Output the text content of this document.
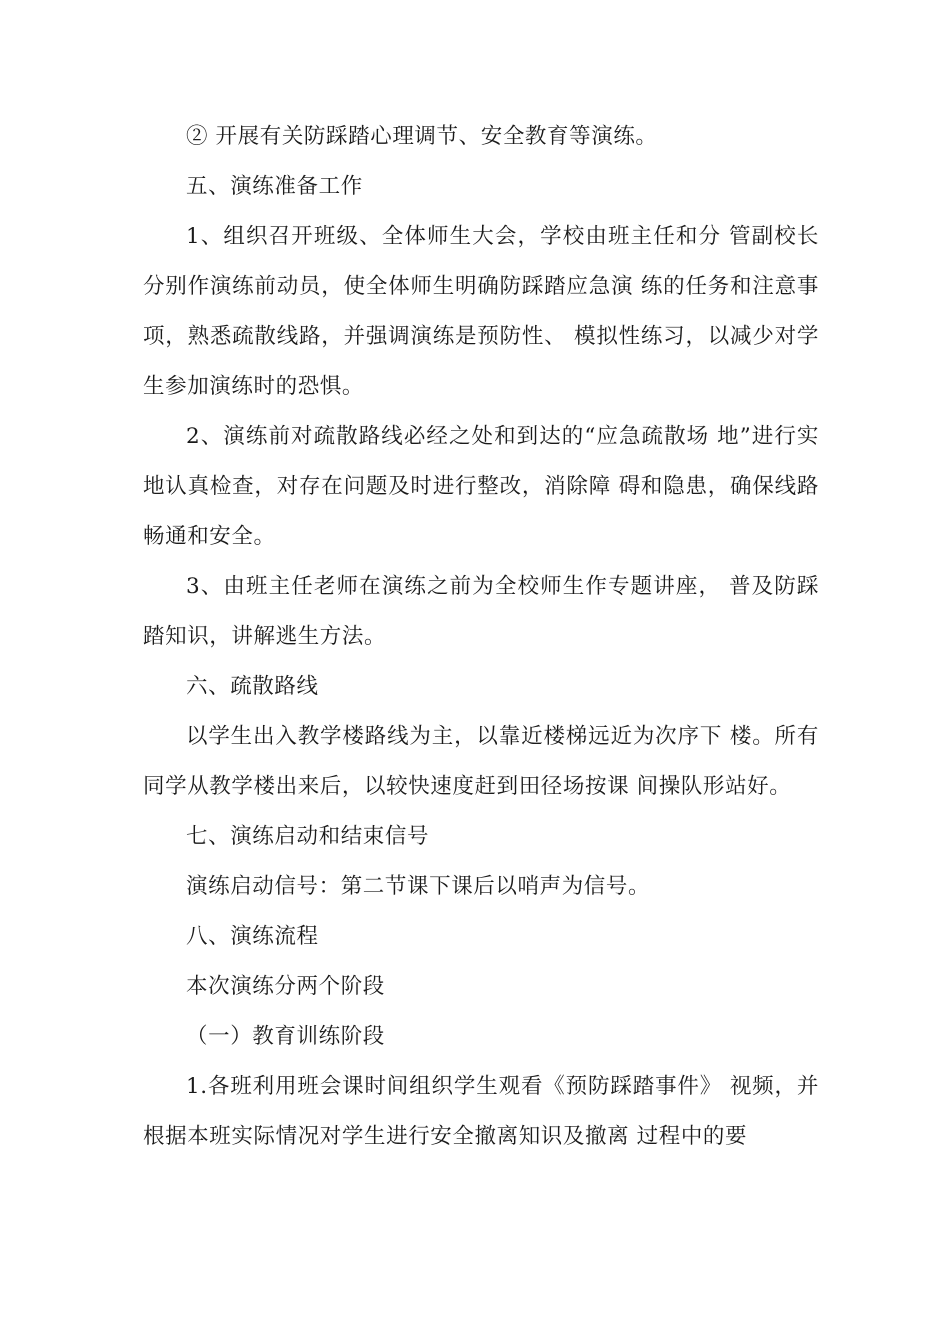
② 开展有关防踩踏心理调节、安全教育等演练。

五、演练准备工作

1、组织召开班级、全体师生大会，学校由班主任和分 管副校长分别作演练前动员，使全体师生明确防踩踏应急演 练的任务和注意事项，熟悉疏散线路，并强调演练是预防性、 模拟性练习，以减少对学生参加演练时的恐惧。

2、演练前对疏散路线必经之处和到达的“应急疏散场 地”进行实地认真检查，对存在问题及时进行整改，消除障 碍和隐患，确保线路畅通和安全。

3、由班主任老师在演练之前为全校师生作专题讲座， 普及防踩踏知识，讲解逃生方法。

六、疏散路线

以学生出入教学楼路线为主，以靠近楼梯远近为次序下 楼。所有同学从教学楼出来后，以较快速度赶到田径场按课 间操队形站好。

七、演练启动和结束信号

演练启动信号：第二节课下课后以哨声为信号。

八、演练流程

本次演练分两个阶段

（一）教育训练阶段

1.各班利用班会课时间组织学生观看《预防踩踏事件》 视频，并根据本班实际情况对学生进行安全撤离知识及撤离 过程中的要
